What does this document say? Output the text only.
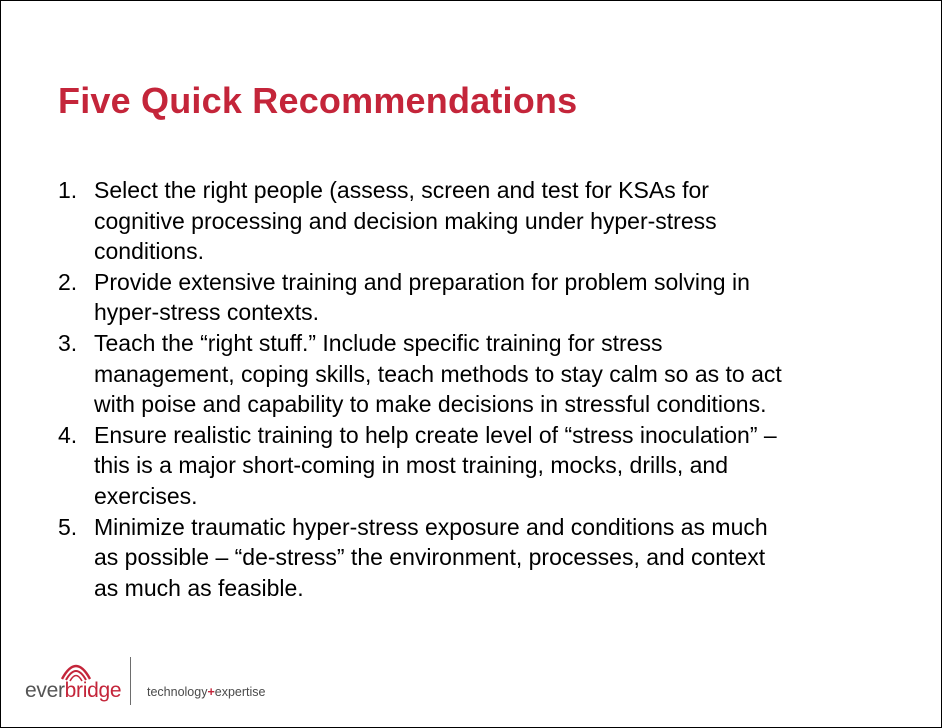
Five Quick Recommendations
1. Select the right people (assess, screen and test for KSAs for
cognitive processing and decision making under hyper-stress
conditions.
2. Provide extensive training and preparation for problem solving in
hyper-stress contexts.
3. Teach the “right stuff.” Include specific training for stress
management, coping skills, teach methods to stay calm so as to act
with poise and capability to make decisions in stressful conditions.
4. Ensure realistic training to help create level of “stress inoculation” –
this is a major short-coming in most training, mocks, drills, and
exercises.
5. Minimize traumatic hyper-stress exposure and conditions as much
as possible – “de-stress” the environment, processes, and context
as much as feasible.
everbridge technology+expertise
